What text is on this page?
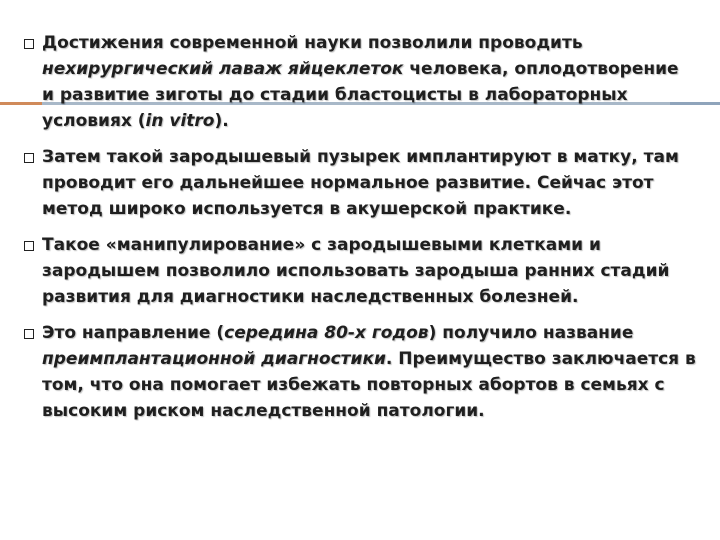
Достижения современной науки позволили проводить нехирургический лаваж яйцеклеток человека, оплодотворение и развитие зиготы до стадии бластоцисты в лабораторных условиях (in vitro).
Затем такой зародышевый пузырек имплантируют в матку, там проводит его дальнейшее нормальное развитие. Сейчас этот метод широко используется в акушерской практике.
Такое «манипулирование» с зародышевыми клетками и зародышем позволило использовать зародыша ранних стадий развития для диагностики наследственных болезней.
Это направление (середина 80-х годов) получило название преимплантационной диагностики. Преимущество заключается в том, что она помогает избежать повторных абортов в семьях с высоким риском наследственной патологии.
